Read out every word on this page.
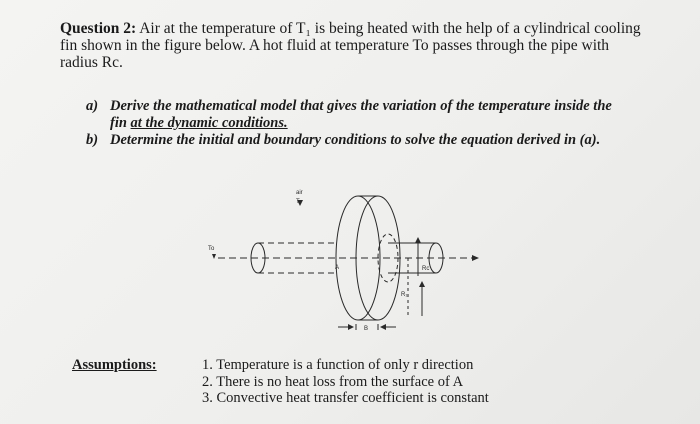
Question 2: Air at the temperature of T₁ is being heated with the help of a cylindrical cooling
fin shown in the figure below. A hot fluid at temperature To passes through the pipe with
radius Rc.
a) Derive the mathematical model that gives the variation of the temperature inside the
fin at the dynamic conditions.
b) Determine the initial and boundary conditions to solve the equation derived in (a).
air
T₁
To
A
B
Rc
R₁
Assumptions:	1. Temperature is a function of only r direction
2. There is no heat loss from the surface of A
3. Convective heat transfer coefficient is constant
